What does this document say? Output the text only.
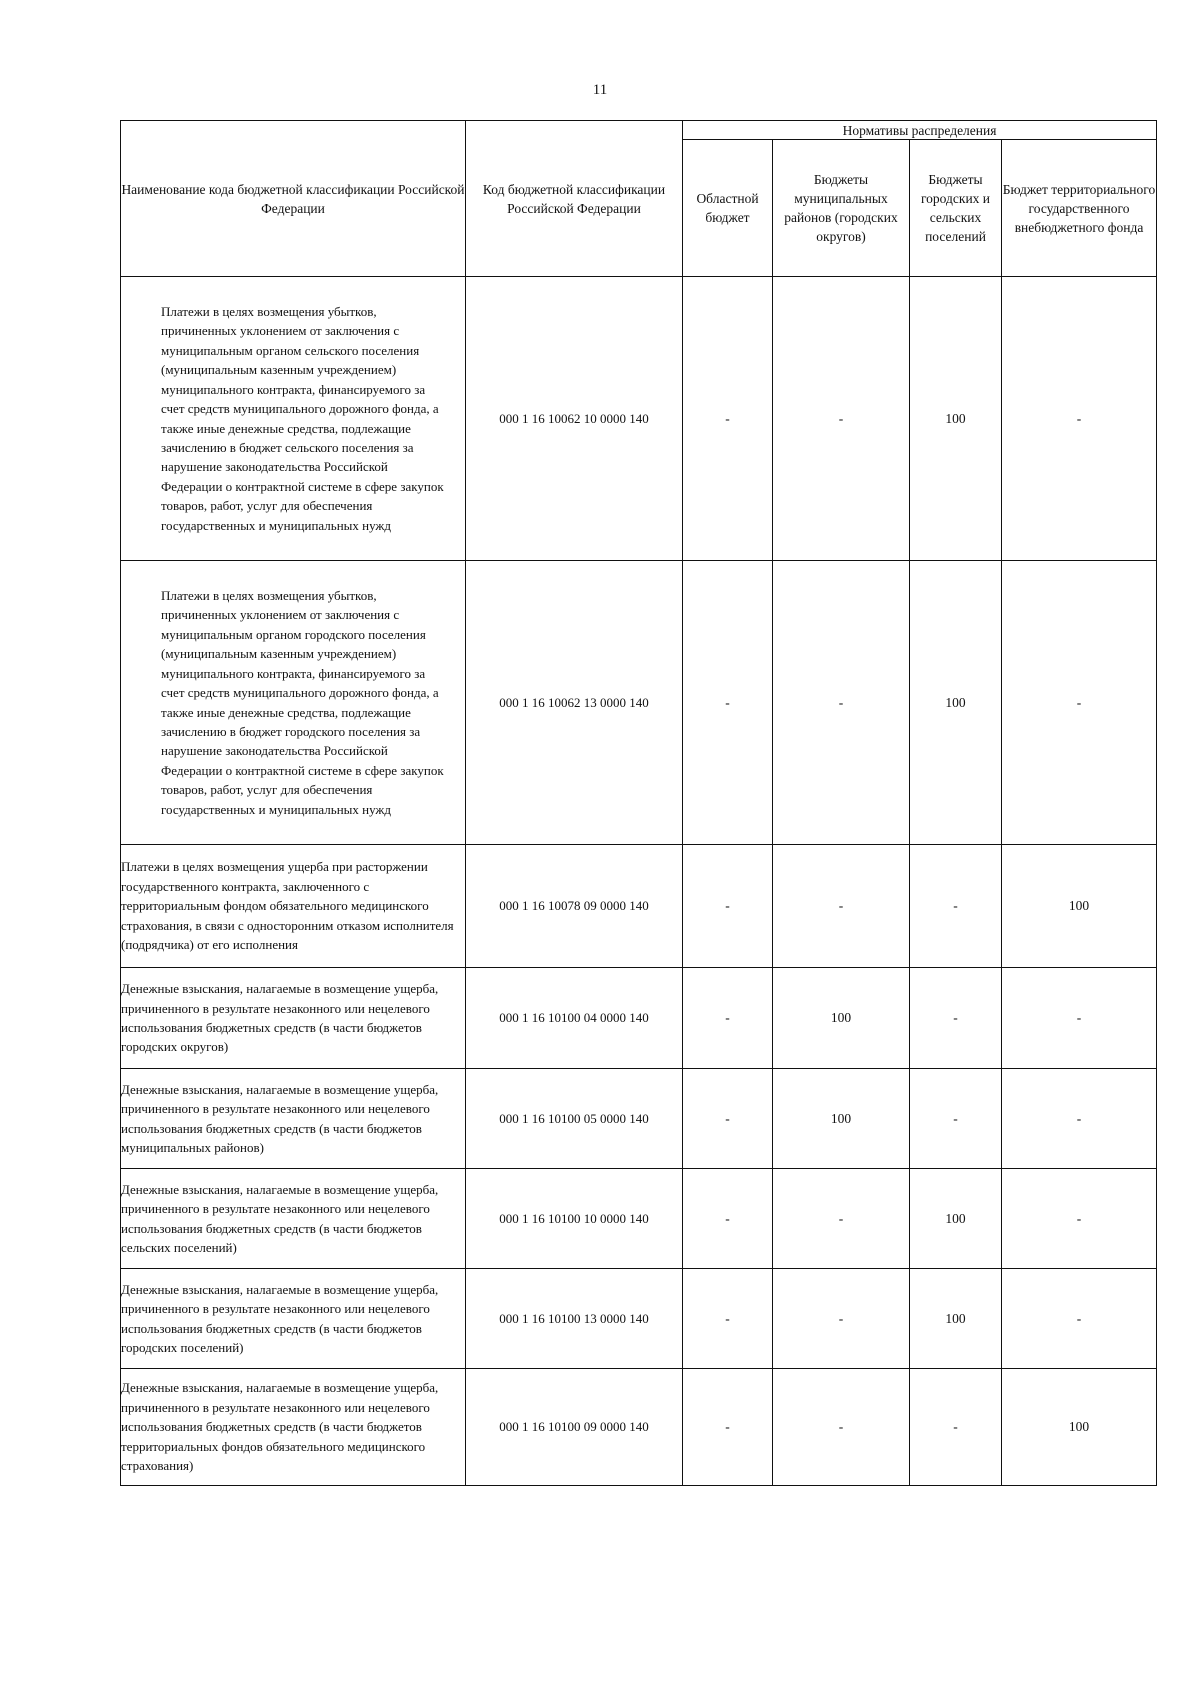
11
Наименование кода бюджетной классификации Российской Федерации	Код бюджетной классификации Российской Федерации	Нормативы распределения			
		Областной бюджет	Бюджеты муниципальных районов (городских округов)	Бюджеты городских и сельских поселений	Бюджет территориального государственного внебюджетного фонда
Платежи в целях возмещения убытков, причиненных уклонением от заключения с муниципальным органом сельского поселения (муниципальным казенным учреждением) муниципального контракта, финансируемого за счет средств муниципального дорожного фонда, а также иные денежные средства, подлежащие зачислению в бюджет сельского поселения за нарушение законодательства Российской Федерации о контрактной системе в сфере закупок товаров, работ, услуг для обеспечения государственных и муниципальных нужд	000 1 16 10062 10 0000 140	-	-	100	-
Платежи в целях возмещения убытков, причиненных уклонением от заключения с муниципальным органом городского поселения (муниципальным казенным учреждением) муниципального контракта, финансируемого за счет средств муниципального дорожного фонда, а также иные денежные средства, подлежащие зачислению в бюджет городского поселения за нарушение законодательства Российской Федерации о контрактной системе в сфере закупок товаров, работ, услуг для обеспечения государственных и муниципальных нужд	000 1 16 10062 13 0000 140	-	-	100	-
Платежи в целях возмещения ущерба при расторжении государственного контракта, заключенного с территориальным фондом обязательного медицинского страхования, в связи с односторонним отказом исполнителя (подрядчика) от его исполнения	000 1 16 10078 09 0000 140	-	-	-	100
Денежные взыскания, налагаемые в возмещение ущерба, причиненного в результате незаконного или нецелевого использования бюджетных средств (в части бюджетов городских округов)	000 1 16 10100 04 0000 140	-	100	-	-
Денежные взыскания, налагаемые в возмещение ущерба, причиненного в результате незаконного или нецелевого использования бюджетных средств (в части бюджетов муниципальных районов)	000 1 16 10100 05 0000 140	-	100	-	-
Денежные взыскания, налагаемые в возмещение ущерба, причиненного в результате незаконного или нецелевого использования бюджетных средств (в части бюджетов сельских поселений)	000 1 16 10100 10 0000 140	-	-	100	-
Денежные взыскания, налагаемые в возмещение ущерба, причиненного в результате незаконного или нецелевого использования бюджетных средств (в части бюджетов городских поселений)	000 1 16 10100 13 0000 140	-	-	100	-
Денежные взыскания, налагаемые в возмещение ущерба, причиненного в результате незаконного или нецелевого использования бюджетных средств (в части бюджетов территориальных фондов обязательного медицинского страхования)	000 1 16 10100 09 0000 140	-	-	-	100
